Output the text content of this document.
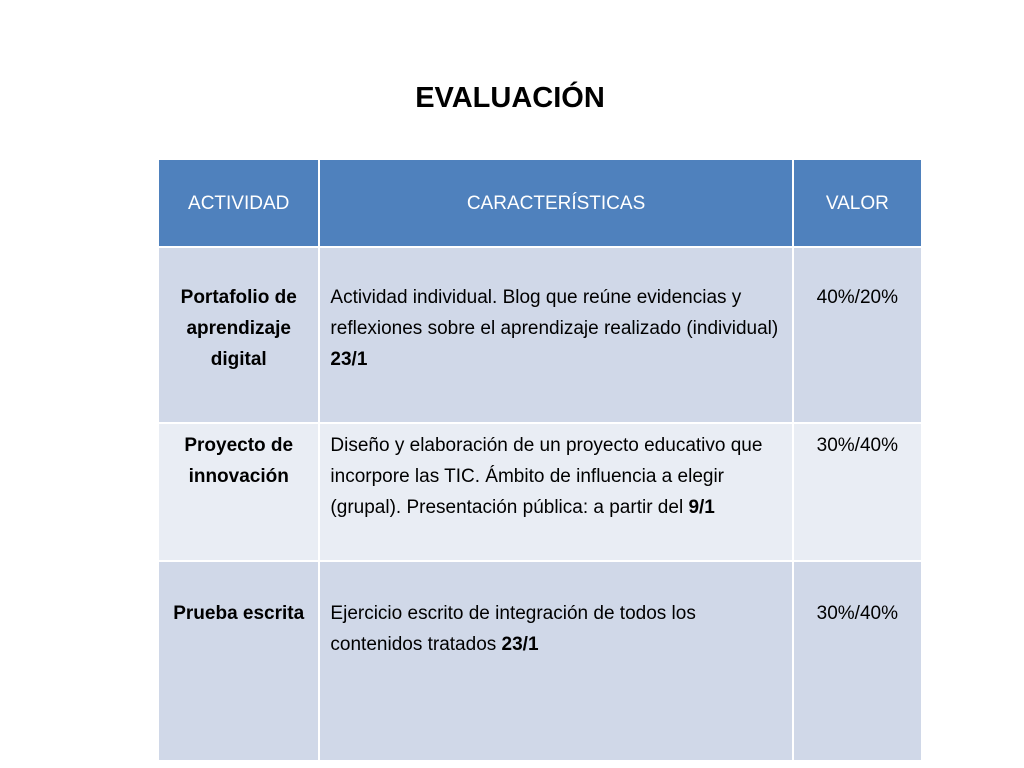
EVALUACIÓN
ACTIVIDAD	CARACTERÍSTICAS	VALOR
Portafolio de aprendizaje digital	Actividad individual. Blog que reúne evidencias y reflexiones sobre el aprendizaje realizado (individual) 23/1	40%/20%
Proyecto de innovación	Diseño y elaboración de un proyecto educativo que incorpore las TIC. Ámbito de influencia a elegir (grupal). Presentación pública: a partir del 9/1	30%/40%
Prueba escrita	Ejercicio escrito de integración de todos los contenidos tratados 23/1	30%/40%
